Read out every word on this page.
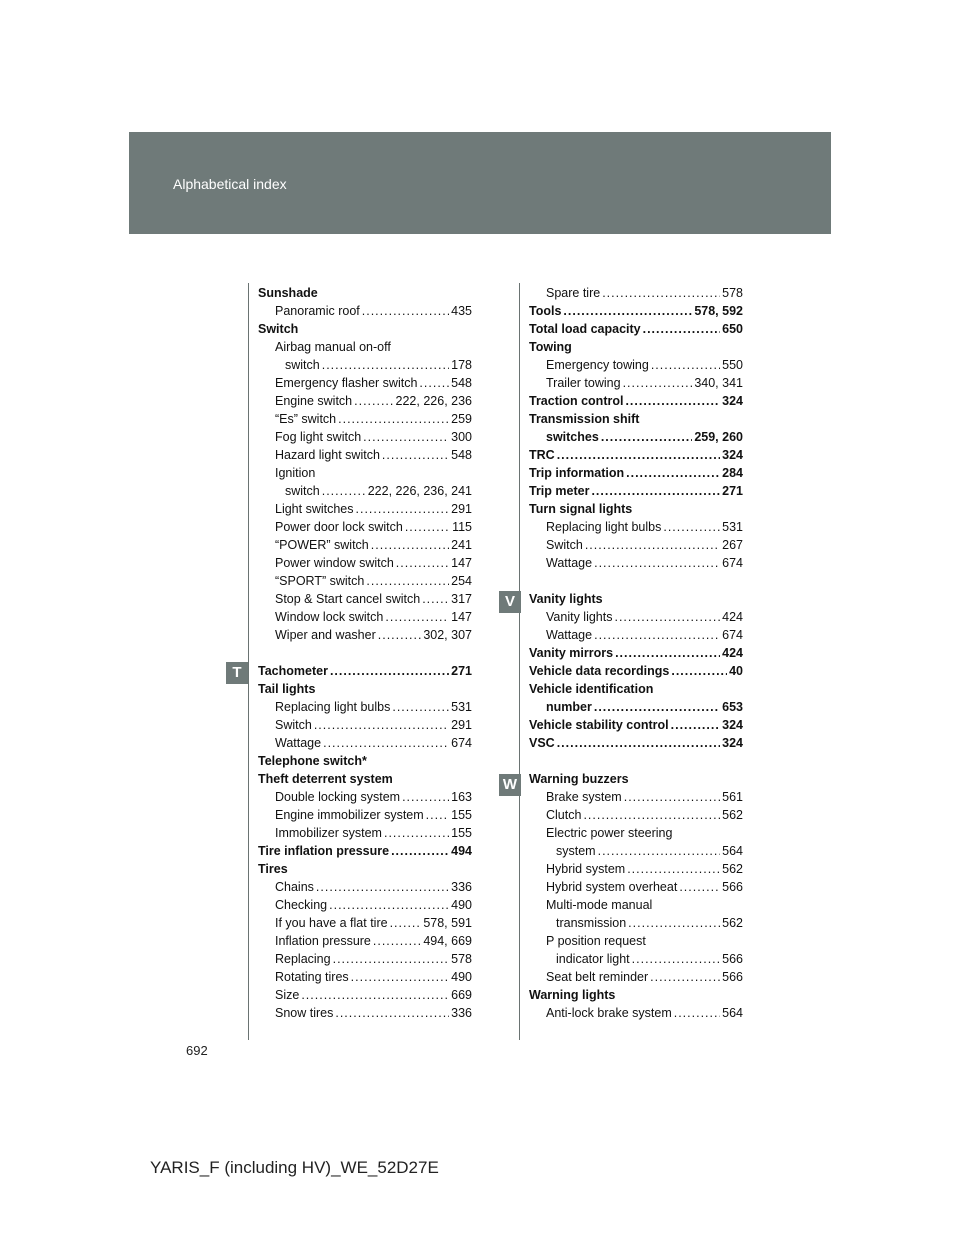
Alphabetical index
Sunshade
Panoramic roof .....	435
Switch
Airbag manual on-off
switch .....	178
Emergency flasher switch .....	548
Engine switch .....	222, 226, 236
“Es” switch .....	259
Fog light switch .....	300
Hazard light switch .....	548
Ignition
switch .....	222, 226, 236, 241
Light switches .....	291
Power door lock switch .....	115
“POWER” switch .....	241
Power window switch .....	147
“SPORT” switch .....	254
Stop & Start cancel switch ..... 317
Window lock switch .....	147
Wiper and washer .....	302, 307
Tachometer .....	271
Tail lights
Replacing light bulbs .....	531
Switch .....	291
Wattage .....	674
Telephone switch*
Theft deterrent system
Double locking system .....	163
Engine immobilizer system ..... 155
Immobilizer system .....	155
Tire inflation pressure .....	494
Tires
Chains .....	336
Checking .....	490
If you have a flat tire .....	578, 591
Inflation pressure .....	494, 669
Replacing .....	578
Rotating tires .....	490
Size .....	669
Snow tires .....	336
Spare tire .....	578
Tools .....	578, 592
Total load capacity .....	650
Towing
Emergency towing .....	550
Trailer towing .....	340, 341
Traction control .....	324
Transmission shift
switches .....	259, 260
TRC .....	324
Trip information .....	284
Trip meter .....	271
Turn signal lights
Replacing light bulbs .....	531
Switch .....	267
Wattage .....	674
Vanity lights
Vanity lights .....	424
Wattage .....	674
Vanity mirrors .....	424
Vehicle data recordings .....	40
Vehicle identification
number .....	653
Vehicle stability control .....	324
VSC .....	324
Warning buzzers
Brake system .....	561
Clutch .....	562
Electric power steering
system .....	564
Hybrid system .....	562
Hybrid system overheat .....	566
Multi-mode manual
transmission .....	562
P position request
indicator light .....	566
Seat belt reminder .....	566
Warning lights
Anti-lock brake system .....	564
T
V
W
692
YARIS_F (including HV)_WE_52D27E
